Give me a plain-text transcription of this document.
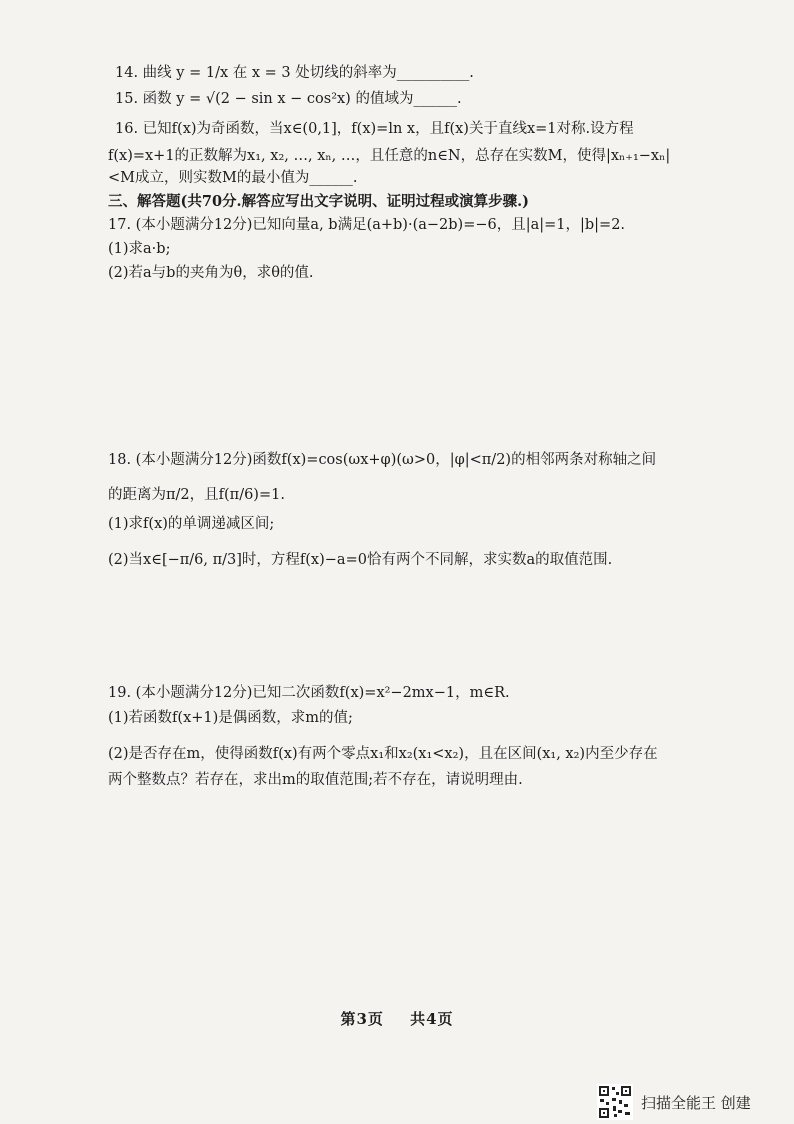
14. 曲线 y = 1/x 在 x = 3 处切线的斜率为__________.
15. 函数 y = √(2 − sin x − cos²x) 的值域为______.
16. 已知f(x)为奇函数，当x∈(0,1]，f(x)=ln x，且f(x)关于直线x=1对称.设方程
f(x)=x+1的正数解为x₁, x₂, …, xₙ, …，且任意的n∈N，总存在实数M，使得|xₙ₊₁−xₙ|
<M成立，则实数M的最小值为______.
三、解答题(共70分.解答应写出文字说明、证明过程或演算步骤.)
17. (本小题满分12分)已知向量a, b满足(a+b)·(a−2b)=−6，且|a|=1，|b|=2.
(1)求a·b;
(2)若a与b的夹角为θ，求θ的值.
18. (本小题满分12分)函数f(x)=cos(ωx+φ)(ω>0，|φ|<π/2)的相邻两条对称轴之间
的距离为π/2，且f(π/6)=1.
(1)求f(x)的单调递减区间;
(2)当x∈[−π/6, π/3]时，方程f(x)−a=0恰有两个不同解，求实数a的取值范围.
19. (本小题满分12分)已知二次函数f(x)=x²−2mx−1，m∈R.
(1)若函数f(x+1)是偶函数，求m的值;
(2)是否存在m，使得函数f(x)有两个零点x₁和x₂(x₁<x₂)，且在区间(x₁, x₂)内至少存在
两个整数点？若存在，求出m的取值范围;若不存在，请说明理由.
第3页 共4页
扫描全能王 创建
